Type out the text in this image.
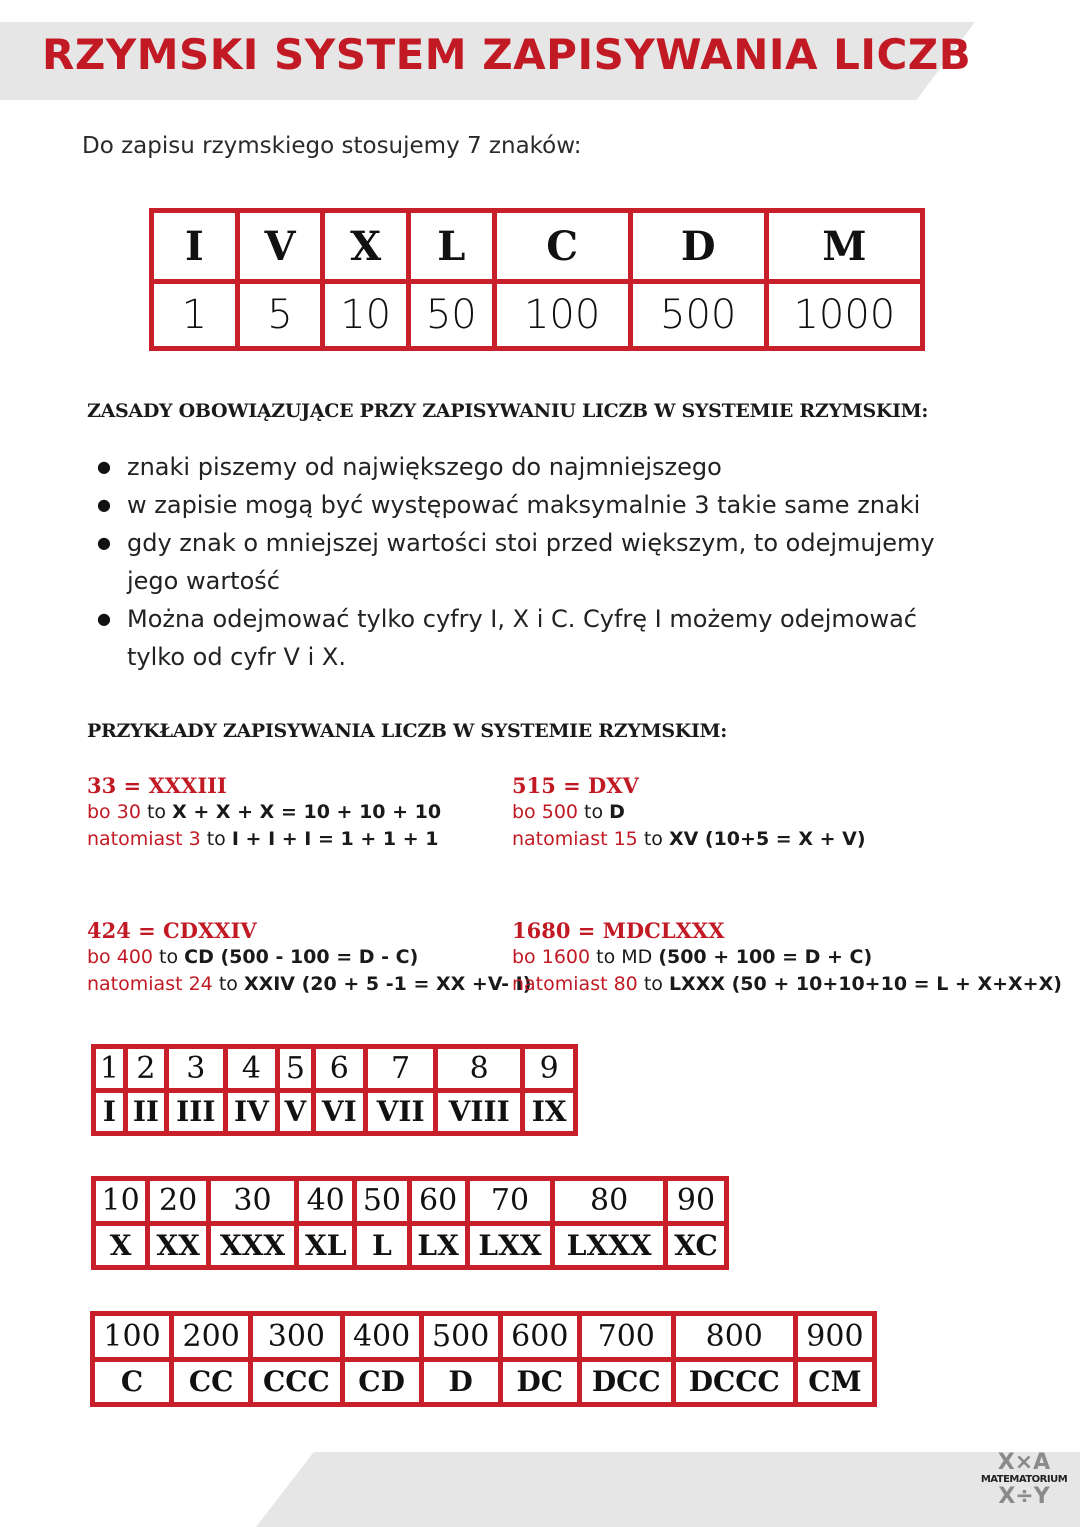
RZYMSKI SYSTEM ZAPISYWANIA LICZB
Do zapisu rzymskiego stosujemy 7 znaków:
I	V	X	L	C	D	M
1	5	10	50	100	500	1000
ZASADY OBOWIĄZUJĄCE PRZY ZAPISYWANIU LICZB W SYSTEMIE RZYMSKIM:
● znaki piszemy od największego do najmniejszego
● w zapisie mogą być występować maksymalnie 3 takie same znaki
● gdy znak o mniejszej wartości stoi przed większym, to odejmujemy jego wartość
● Można odejmować tylko cyfry I, X i C. Cyfrę I możemy odejmować tylko od cyfr V i X.
PRZYKŁADY ZAPISYWANIA LICZB W SYSTEMIE RZYMSKIM:
33 = XXXIII
bo 30 to X + X + X = 10 + 10 + 10
natomiast 3 to I + I + I = 1 + 1 + 1
515 = DXV
bo 500 to D
natomiast 15 to XV (10+5 = X + V)
424 = CDXXIV
bo 400 to CD (500 - 100 = D - C)
natomiast 24 to XXIV (20 + 5 -1 = XX +V- I)
1680 = MDCLXXX
bo 1600 to MD (500 + 100 = D + C)
natomiast 80 to LXXX (50 + 10+10+10 = L + X+X+X)
1	2	3	4	5	6	7	8	9
I	II	III	IV	V	VI	VII	VIII	IX
10	20	30	40	50	60	70	80	90
X	XX	XXX	XL	L	LX	LXX	LXXX	XC
100	200	300	400	500	600	700	800	900
C	CC	CCC	CD	D	DC	DCC	DCCC	CM
X×A
MATEMATORIUM
X÷Y
